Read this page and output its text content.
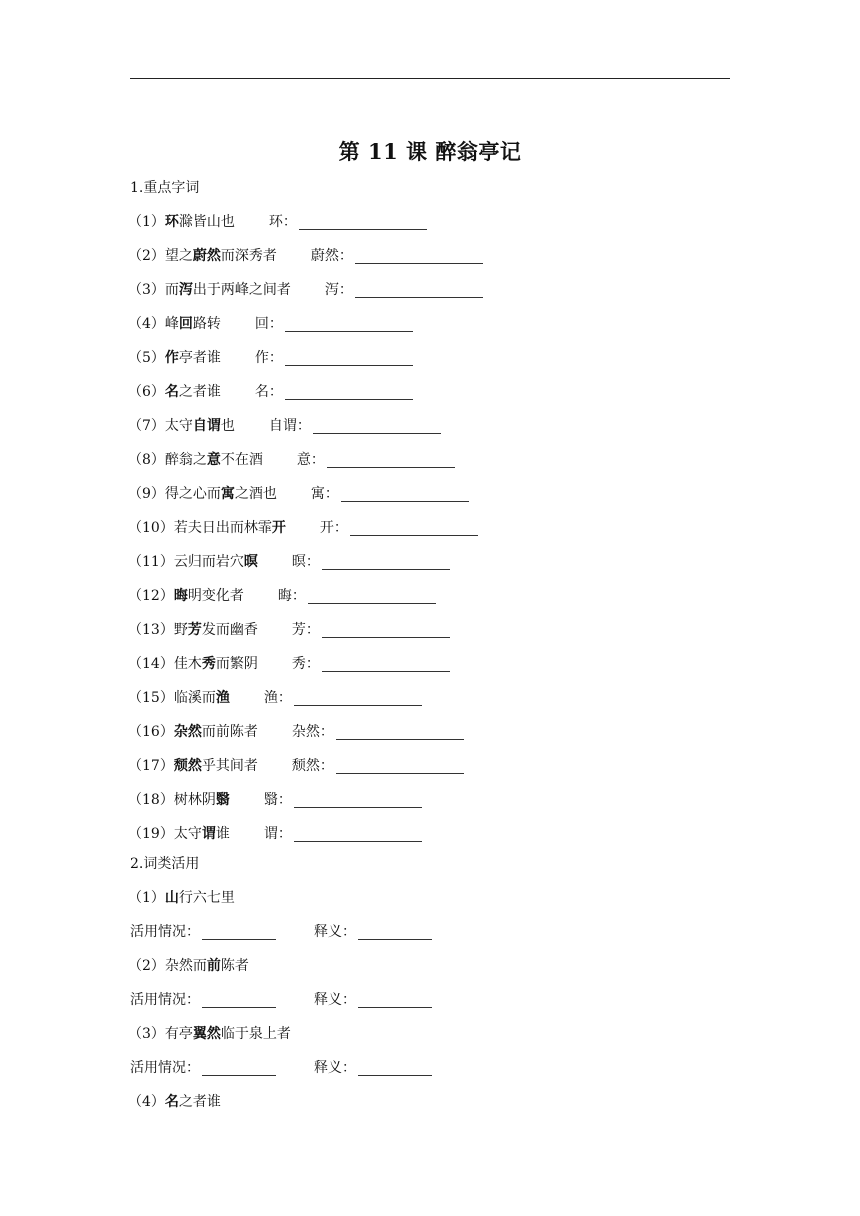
第 11 课 醉翁亭记
1.重点字词
（1）环滁皆山也 环：
（2）望之蔚然而深秀者 蔚然：
（3）而泻出于两峰之间者 泻：
（4）峰回路转 回：
（5）作亭者谁 作：
（6）名之者谁 名：
（7）太守自谓也 自谓：
（8）醉翁之意不在酒 意：
（9）得之心而寓之酒也 寓：
（10）若夫日出而林霏开 开：
（11）云归而岩穴暝 暝：
（12）晦明变化者 晦：
（13）野芳发而幽香 芳：
（14）佳木秀而繁阴 秀：
（15）临溪而渔 渔：
（16）杂然而前陈者 杂然：
（17）颓然乎其间者 颓然：
（18）树林阴翳 翳：
（19）太守谓谁 谓：
2.词类活用
（1）山行六七里
活用情况：	释义：
（2）杂然而前陈者
活用情况：	释义：
（3）有亭翼然临于泉上者
活用情况：	释义：
（4）名之者谁
